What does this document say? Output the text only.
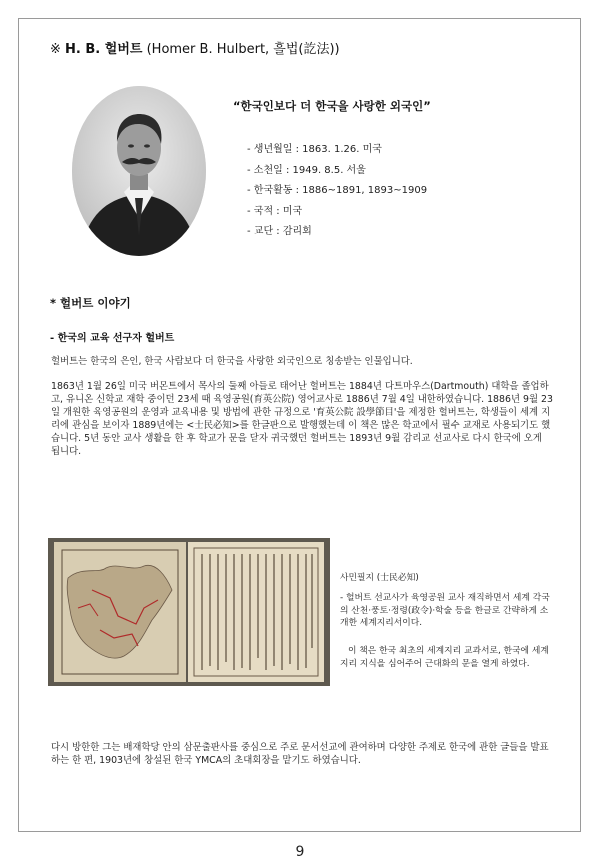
※ H. B. 헐버트 (Homer B. Hulbert, 흘법(訖法))
“한국인보다 더 한국을 사랑한 외국인”
- 생년월일 : 1863. 1.26. 미국
- 소천일 : 1949. 8.5. 서울
- 한국활동 : 1886~1891, 1893~1909
- 국적 : 미국
- 교단 : 감리회
* 헐버트 이야기
- 한국의 교육 선구자 헐버트

헐버트는 한국의 은인, 한국 사람보다 더 한국을 사랑한 외국인으로 칭송받는 인물입니다.

1863년 1월 26일 미국 버몬트에서 목사의 둘째 아들로 태어난 헐버트는 1884년 다트마우스(Dartmouth) 대학을 졸업하고, 유니온 신학교 재학 중이던 23세 때 육영공원(育英公院) 영어교사로 1886년 7월 4일 내한하였습니다. 1886년 9월 23일 개원한 육영공원의 운영과 교육내용 및 방법에 관한 규정으로 '育英公院 設學節目'을 제정한 헐버트는, 학생들이 세계 지리에 관심을 보이자 1889년에는 <士民必知>를 한글판으로 발행했는데 이 책은 많은 학교에서 필수 교재로 사용되기도 했습니다. 5년 동안 교사 생활을 한 후 학교가 문을 닫자 귀국했던 헐버트는 1893년 9월 감리교 선교사로 다시 한국에 오게 됩니다.

사민필지 (士民必知)

- 헐버트 선교사가 육영공원 교사 재직하면서 세계 각국의 산천·풍토·정령(政令)·학술 등을 한글로 간략하게 소개한 세계지리서이다.

이 책은 한국 최초의 세계지리 교과서로, 한국에 세계지리 지식을 심어주어 근대화의 문을 열게 하였다.

다시 방한한 그는 배재학당 안의 삼문출판사를 중심으로 주로 문서선교에 관여하며 다양한 주제로 한국에 관한 글들을 발표하는 한 편, 1903년에 창설된 한국 YMCA의 초대회장을 맡기도 하였습니다.

9
